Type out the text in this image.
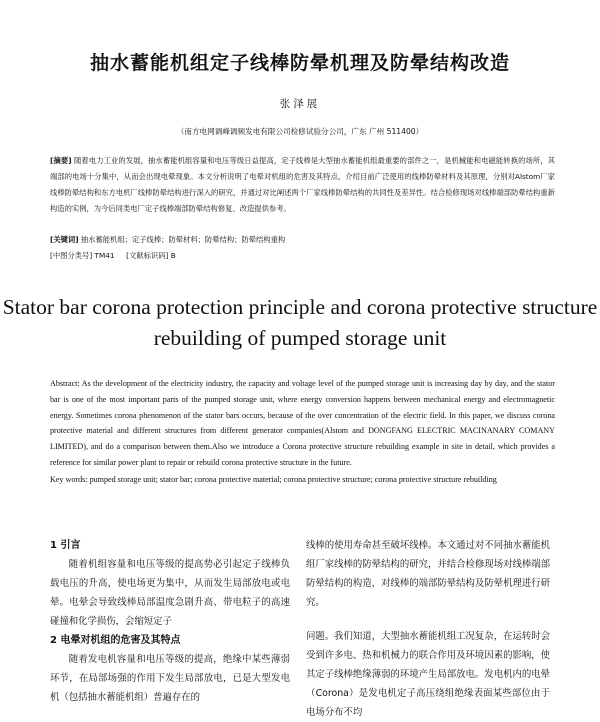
抽水蓄能机组定子线棒防晕机理及防晕结构改造
张泽展
（南方电网调峰调频发电有限公司检修试验分公司，广东 广州 511400）
[摘要] 随着电力工业的发展，抽水蓄能机组容量和电压等级日益提高，定子线棒是大型抽水蓄能机组最重要的部件之一，是机械能和电磁能转换的场所，其端部的电场十分集中，从而会出现电晕现象。本文分析说明了电晕对机组的危害及其特点，介绍目前广泛使用的线棒防晕材料及其原理，分别对Alstom厂家线棒防晕结构和东方电机厂线棒防晕结构进行深入的研究，并通过对比阐述两个厂家线棒防晕结构的共同性及差异性。结合检修现场对线棒端部防晕结构重新构造的实例，为今后同类电厂定子线棒端部防晕结构修复、改造提供参考。
[关键词] 抽水蓄能机组；定子线棒；防晕材料；防晕结构；防晕结构重构
[中图分类号] TM41 [文献标识码] B
Stator bar corona protection principle and corona protective structure rebuilding of pumped storage unit
Abstract: As the development of the electricity industry, the capacity and voltage level of the pumped storage unit is increasing day by day, and the stator bar is one of the most important parts of the pumped storage unit, where energy conversion happens between mechanical energy and electromagnetic energy. Sometimes corona phenomenon of the stator bars occurs, because of the over concentration of the electric field. In this paper, we discuss corona protective material and different structures from different generator companies(Alstom and DONGFANG ELECTRIC MACINANARY COMANY LIMITED), and do a comparison between them.Also we introduce a Corona protective structure rebuilding example in site in detail, which provides a reference for similar power plant to repair or rebuild corona protective structure in the future.
Key words: pumped storage unit; stator bar; corona protective material; corona protective structure; corona protective structure rebuilding
1 引言

随着机组容量和电压等级的提高势必引起定子线棒负载电压的升高，使电场更为集中，从而发生局部放电或电晕。电晕会导致线棒局部温度急剧升高、带电粒子的高速碰撞和化学损伤，会缩短定子

2 电晕对机组的危害及其特点

随着发电机容量和电压等级的提高，绝缘中某些薄弱环节，在局部场强的作用下发生局部放电，已是大型发电机（包括抽水蓄能机组）普遍存在的

线棒的使用寿命甚至破坏线棒。本文通过对不同抽水蓄能机组厂家线棒的防晕结构的研究，并结合检修现场对线棒端部防晕结构的构造，对线棒的端部防晕结构及防晕机理进行研究。

问题。我们知道，大型抽水蓄能机组工况复杂，在运转时会受到许多电、热和机械力的联合作用及环境因素的影响，使其定子线棒绝缘薄弱的环境产生局部放电。发电机内的电晕（Corona）是发电机定子高压绕组绝缘表面某些部位由于电场分布不均
